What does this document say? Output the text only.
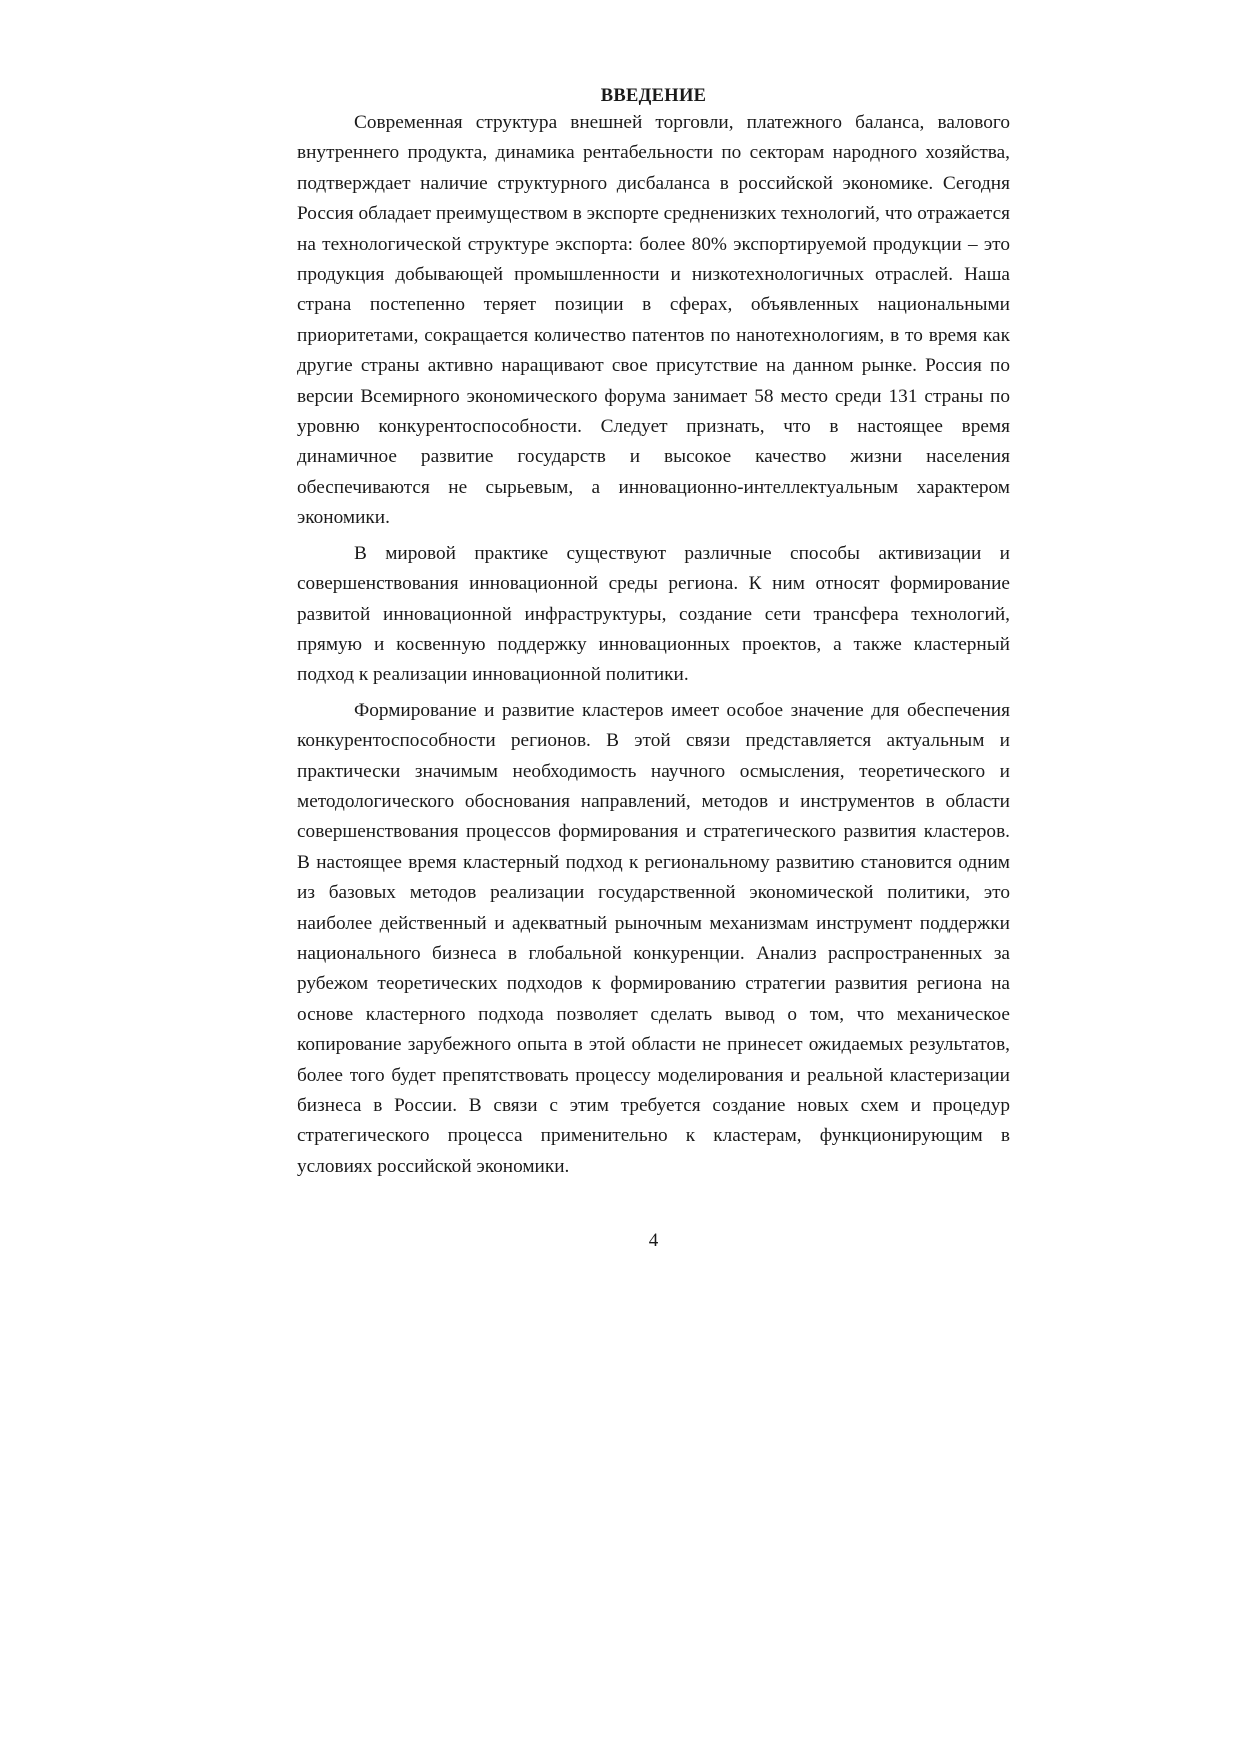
ВВЕДЕНИЕ

Современная структура внешней торговли, платежного баланса, валового внутреннего продукта, динамика рентабельности по секторам народного хозяйства, подтверждает наличие структурного дисбаланса в российской экономике. Сегодня Россия обладает преимуществом в экспорте средненизких технологий, что отражается на технологической структуре экспорта: более 80% экспортируемой продукции – это продукция добывающей промышленности и низкотехнологичных отраслей. Наша страна постепенно теряет позиции в сферах, объявленных национальными приоритетами, сокращается количество патентов по нанотехнологиям, в то время как другие страны активно наращивают свое присутствие на данном рынке. Россия по версии Всемирного экономического форума занимает 58 место среди 131 страны по уровню конкурентоспособности. Следует признать, что в настоящее время динамичное развитие государств и высокое качество жизни населения обеспечиваются не сырьевым, а инновационно-интеллектуальным характером экономики.

В мировой практике существуют различные способы активизации и совершенствования инновационной среды региона. К ним относят формирование развитой инновационной инфраструктуры, создание сети трансфера технологий, прямую и косвенную поддержку инновационных проектов, а также кластерный подход к реализации инновационной политики.

Формирование и развитие кластеров имеет особое значение для обеспечения конкурентоспособности регионов. В этой связи представляется актуальным и практически значимым необходимость научного осмысления, теоретического и методологического обоснования направлений, методов и инструментов в области совершенствования процессов формирования и стратегического развития кластеров. В настоящее время кластерный подход к региональному развитию становится одним из базовых методов реализации государственной экономической политики, это наиболее действенный и адекватный рыночным механизмам инструмент поддержки национального бизнеса в глобальной конкуренции. Анализ распространенных за рубежом теоретических подходов к формированию стратегии развития региона на основе кластерного подхода позволяет сделать вывод о том, что механическое копирование зарубежного опыта в этой области не принесет ожидаемых результатов, более того будет препятствовать процессу моделирования и реальной кластеризации бизнеса в России. В связи с этим требуется создание новых схем и процедур стратегического процесса применительно к кластерам, функционирующим в условиях российской экономики.

4
